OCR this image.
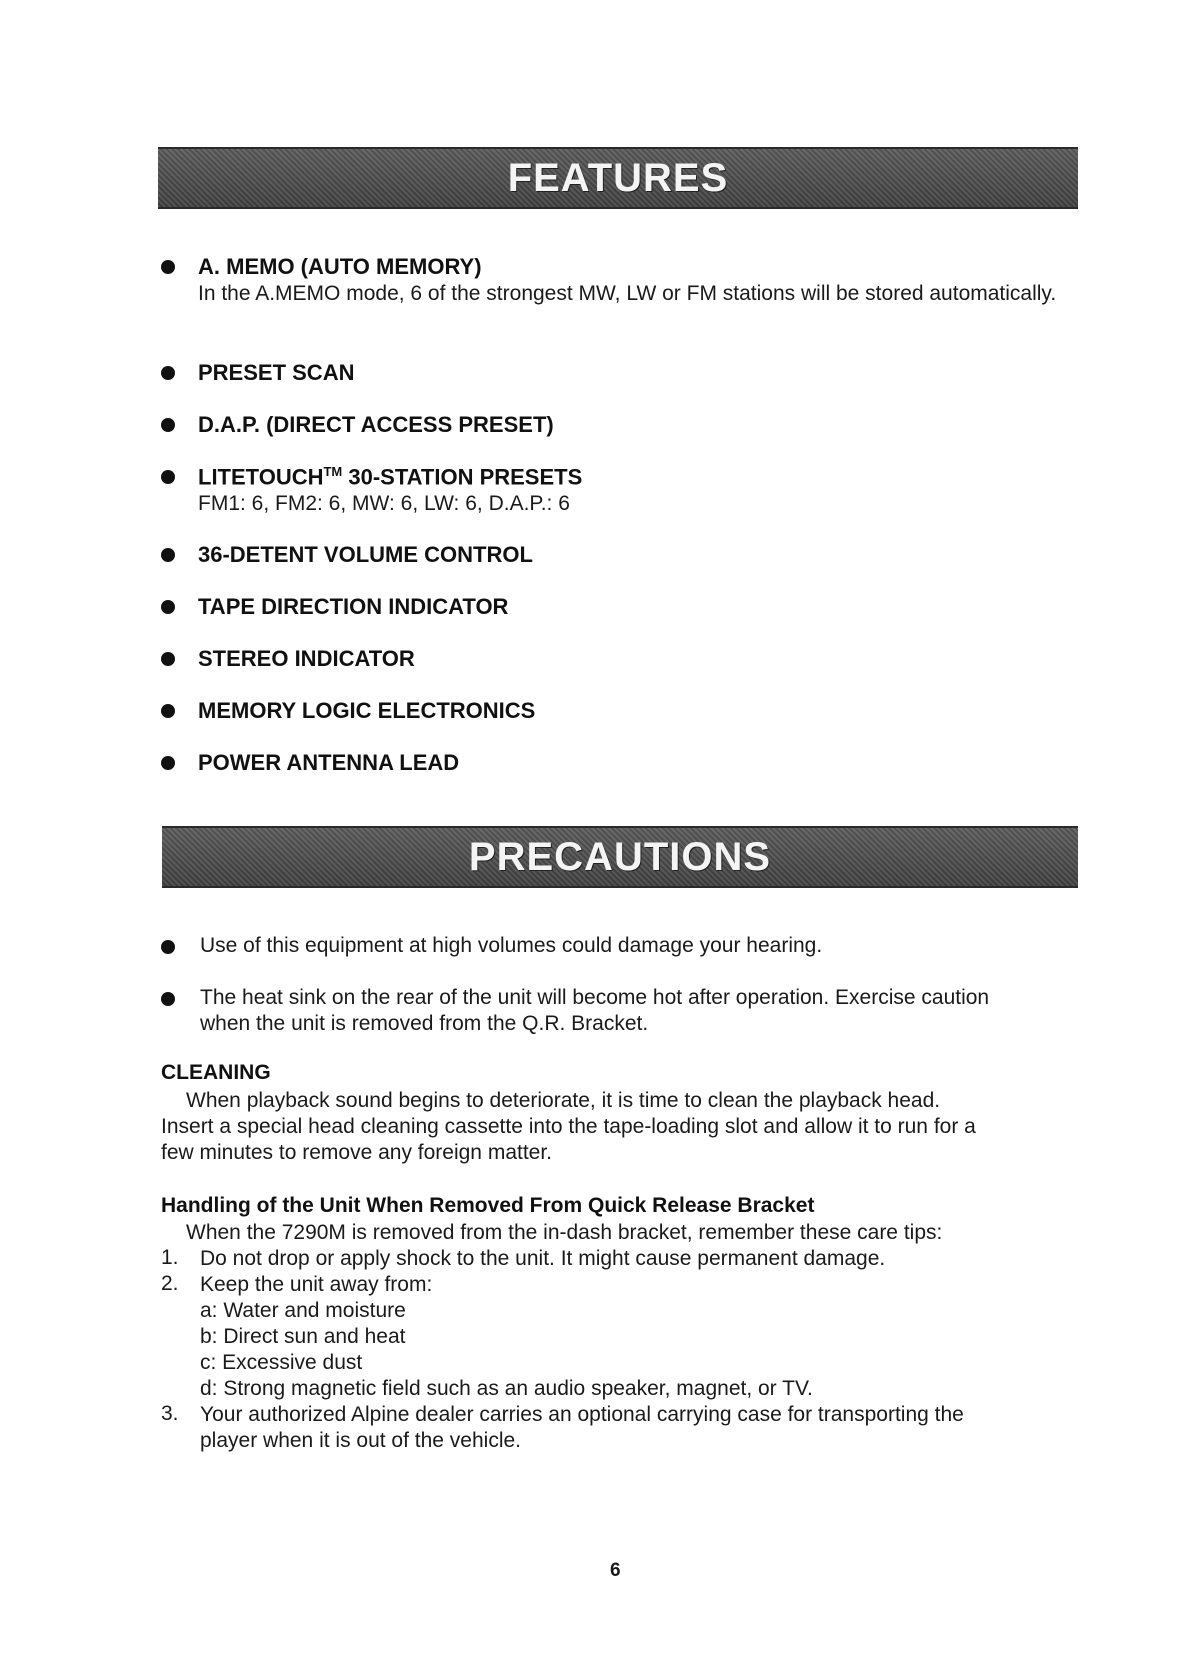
FEATURES
A. MEMO (AUTO MEMORY)
In the A.MEMO mode, 6 of the strongest MW, LW or FM stations will be stored automatically.
PRESET SCAN
D.A.P. (DIRECT ACCESS PRESET)
LITETOUCH™ 30-STATION PRESETS
FM1: 6, FM2: 6, MW: 6, LW: 6, D.A.P.: 6
36-DETENT VOLUME CONTROL
TAPE DIRECTION INDICATOR
STEREO INDICATOR
MEMORY LOGIC ELECTRONICS
POWER ANTENNA LEAD
PRECAUTIONS
Use of this equipment at high volumes could damage your hearing.
The heat sink on the rear of the unit will become hot after operation. Exercise caution
when the unit is removed from the Q.R. Bracket.
CLEANING
When playback sound begins to deteriorate, it is time to clean the playback head.
Insert a special head cleaning cassette into the tape-loading slot and allow it to run for a
few minutes to remove any foreign matter.
Handling of the Unit When Removed From Quick Release Bracket
When the 7290M is removed from the in-dash bracket, remember these care tips:
1. Do not drop or apply shock to the unit. It might cause permanent damage.
2. Keep the unit away from:
a: Water and moisture
b: Direct sun and heat
c: Excessive dust
d: Strong magnetic field such as an audio speaker, magnet, or TV.
3. Your authorized Alpine dealer carries an optional carrying case for transporting the
player when it is out of the vehicle.
6
